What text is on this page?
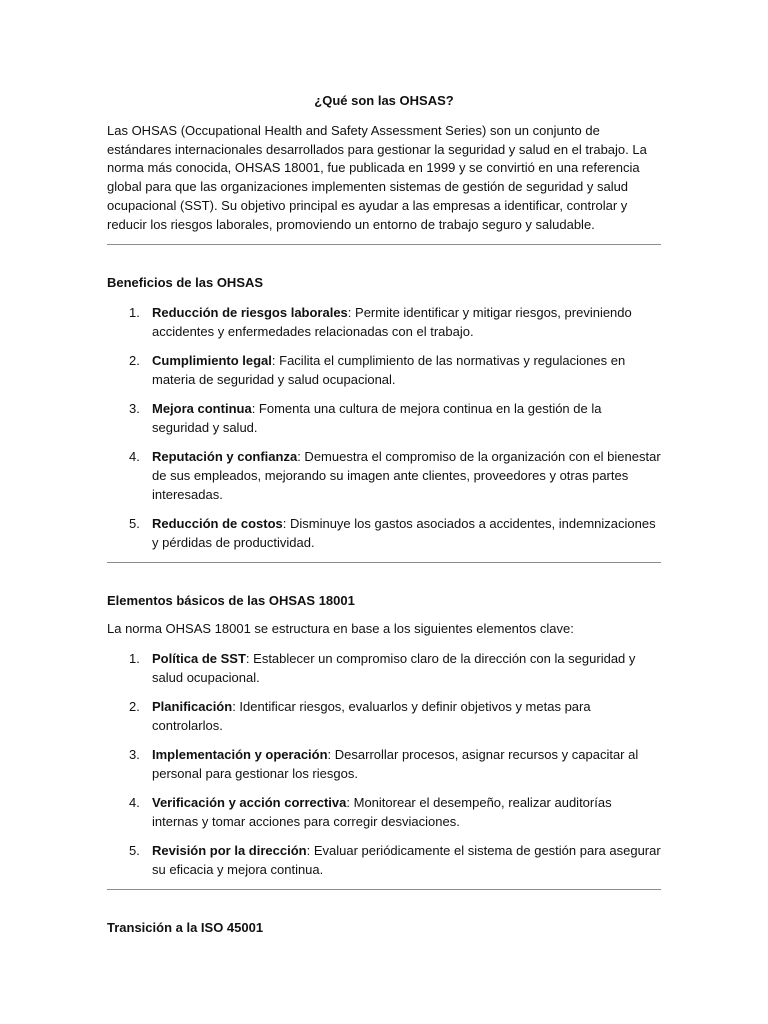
¿Qué son las OHSAS?

Las OHSAS (Occupational Health and Safety Assessment Series) son un conjunto de estándares internacionales desarrollados para gestionar la seguridad y salud en el trabajo. La norma más conocida, OHSAS 18001, fue publicada en 1999 y se convirtió en una referencia global para que las organizaciones implementen sistemas de gestión de seguridad y salud ocupacional (SST). Su objetivo principal es ayudar a las empresas a identificar, controlar y reducir los riesgos laborales, promoviendo un entorno de trabajo seguro y saludable.

Beneficios de las OHSAS
1. Reducción de riesgos laborales: Permite identificar y mitigar riesgos, previniendo accidentes y enfermedades relacionadas con el trabajo.
2. Cumplimiento legal: Facilita el cumplimiento de las normativas y regulaciones en materia de seguridad y salud ocupacional.
3. Mejora continua: Fomenta una cultura de mejora continua en la gestión de la seguridad y salud.
4. Reputación y confianza: Demuestra el compromiso de la organización con el bienestar de sus empleados, mejorando su imagen ante clientes, proveedores y otras partes interesadas.
5. Reducción de costos: Disminuye los gastos asociados a accidentes, indemnizaciones y pérdidas de productividad.
Elementos básicos de las OHSAS 18001

La norma OHSAS 18001 se estructura en base a los siguientes elementos clave:

1. Política de SST: Establecer un compromiso claro de la dirección con la seguridad y salud ocupacional.
2. Planificación: Identificar riesgos, evaluarlos y definir objetivos y metas para controlarlos.
3. Implementación y operación: Desarrollar procesos, asignar recursos y capacitar al personal para gestionar los riesgos.
4. Verificación y acción correctiva: Monitorear el desempeño, realizar auditorías internas y tomar acciones para corregir desviaciones.
5. Revisión por la dirección: Evaluar periódicamente el sistema de gestión para asegurar su eficacia y mejora continua.
Transición a la ISO 45001
